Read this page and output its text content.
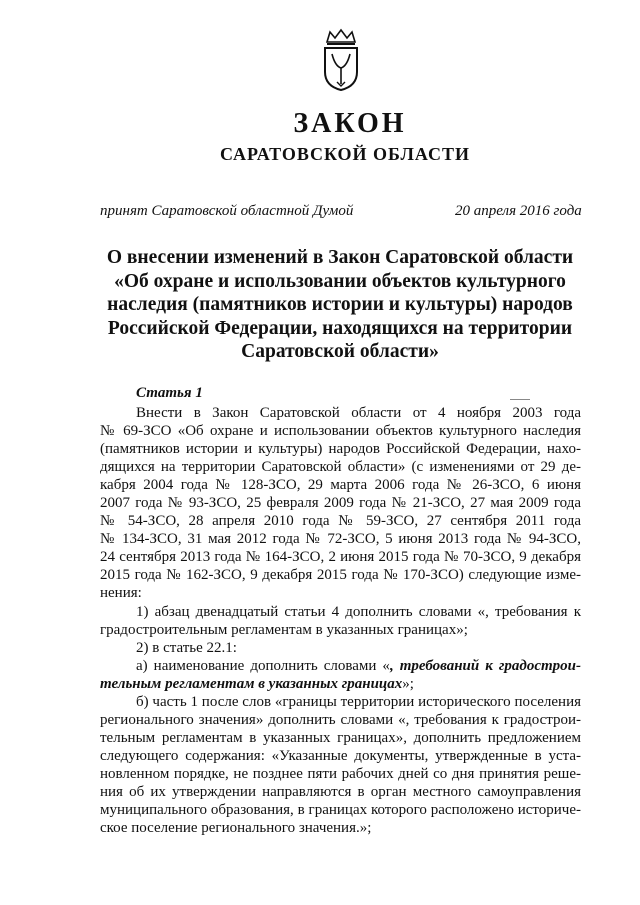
ЗАКОН
САРАТОВСКОЙ ОБЛАСТИ
принят Саратовской областной Думой	20 апреля 2016 года
О внесении изменений в Закон Саратовской области
«Об охране и использовании объектов культурного
наследия (памятников истории и культуры) народов
Российской Федерации, находящихся на территории
Саратовской области»
Статья 1
Внести в Закон Саратовской области от 4 ноября 2003 года
№ 69-ЗСО «Об охране и использовании объектов культурного наследия
(памятников истории и культуры) народов Российской Федерации, нахо-
дящихся на территории Саратовской области» (с изменениями от 29 де-
кабря 2004 года № 128-ЗСО, 29 марта 2006 года № 26-ЗСО, 6 июня
2007 года № 93-ЗСО, 25 февраля 2009 года № 21-ЗСО, 27 мая 2009 года
№ 54-ЗСО, 28 апреля 2010 года № 59-ЗСО, 27 сентября 2011 года
№ 134-ЗСО, 31 мая 2012 года № 72-ЗСО, 5 июня 2013 года № 94-ЗСО,
24 сентября 2013 года № 164-ЗСО, 2 июня 2015 года № 70-ЗСО, 9 декабря
2015 года № 162-ЗСО, 9 декабря 2015 года № 170-ЗСО) следующие изме-
нения:
1) абзац двенадцатый статьи 4 дополнить словами «, требования к
градостроительным регламентам в указанных границах»;
2) в статье 22.1:
а) наименование дополнить словами «, требований к градострои-
тельным регламентам в указанных границах»;
б) часть 1 после слов «границы территории исторического поселения
регионального значения» дополнить словами «, требования к градострои-
тельным регламентам в указанных границах», дополнить предложением
следующего содержания: «Указанные документы, утвержденные в уста-
новленном порядке, не позднее пяти рабочих дней со дня принятия реше-
ния об их утверждении направляются в орган местного самоуправления
муниципального образования, в границах которого расположено историче-
ское поселение регионального значения.»;
